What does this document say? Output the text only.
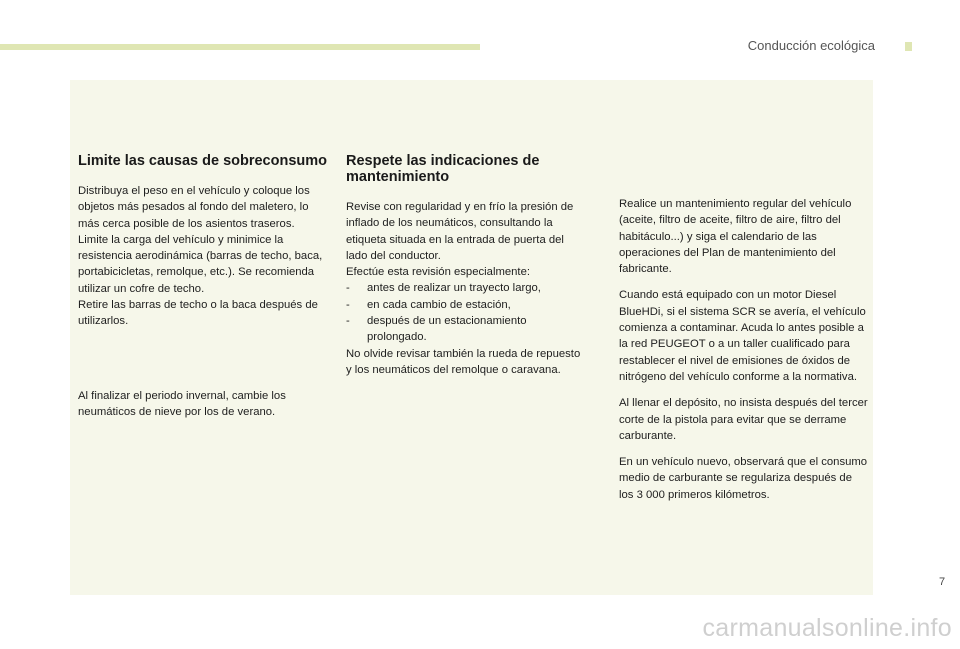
Conducción ecológica
Limite las causas de sobreconsumo

Distribuya el peso en el vehículo y coloque los objetos más pesados al fondo del maletero, lo más cerca posible de los asientos traseros.

Limite la carga del vehículo y minimice la resistencia aerodinámica (barras de techo, baca, portabicicletas, remolque, etc.). Se recomienda utilizar un cofre de techo.

Retire las barras de techo o la baca después de utilizarlos.

Al finalizar el periodo invernal, cambie los neumáticos de nieve por los de verano.

Respete las indicaciones de mantenimiento

Revise con regularidad y en frío la presión de inflado de los neumáticos, consultando la etiqueta situada en la entrada de puerta del lado del conductor.

Efectúe esta revisión especialmente:

- antes de realizar un trayecto largo,
- en cada cambio de estación,
- después de un estacionamiento prolongado.

No olvide revisar también la rueda de repuesto y los neumáticos del remolque o caravana.

Realice un mantenimiento regular del vehículo (aceite, filtro de aceite, filtro de aire, filtro del habitáculo...) y siga el calendario de las operaciones del Plan de mantenimiento del fabricante.

Cuando está equipado con un motor Diesel BlueHDi, si el sistema SCR se avería, el vehículo comienza a contaminar. Acuda lo antes posible a la red PEUGEOT o a un taller cualificado para restablecer el nivel de emisiones de óxidos de nitrógeno del vehículo conforme a la normativa.

Al llenar el depósito, no insista después del tercer corte de la pistola para evitar que se derrame carburante.

En un vehículo nuevo, observará que el consumo medio de carburante se regulariza después de los 3 000 primeros kilómetros.

7
carmanualsonline.info
